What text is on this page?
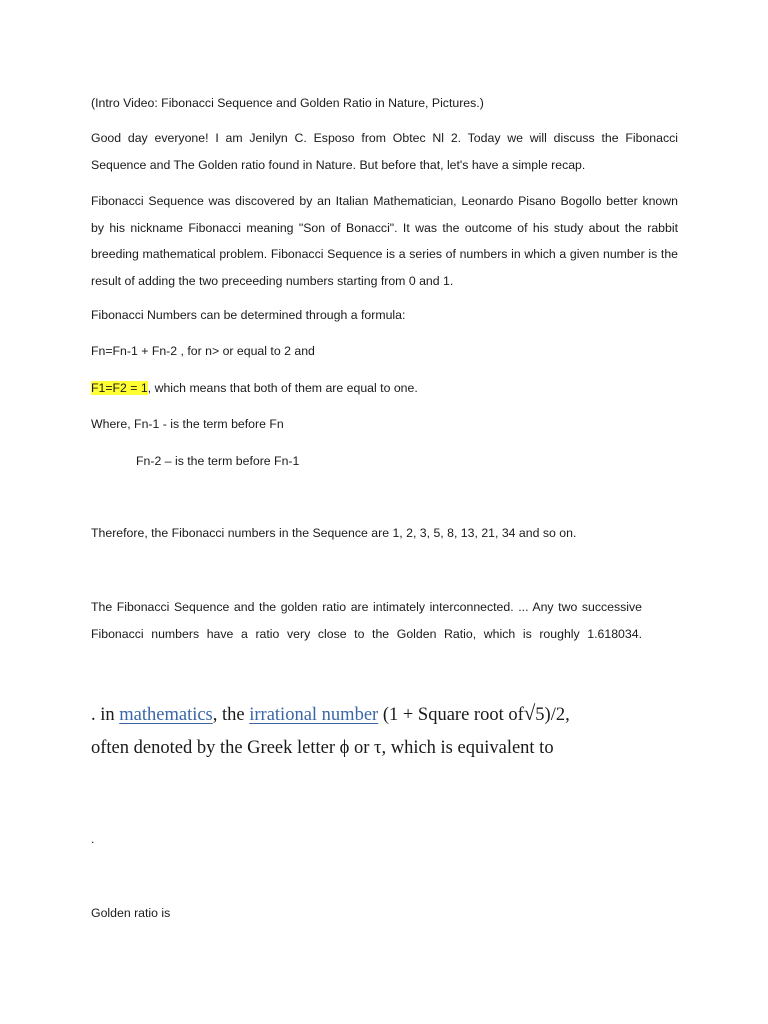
(Intro Video: Fibonacci Sequence and Golden Ratio in Nature, Pictures.)

Good day everyone! I am Jenilyn C. Esposo from Obtec Nl 2. Today we will discuss the Fibonacci Sequence and The Golden ratio found in Nature. But before that, let's have a simple recap.

Fibonacci Sequence was discovered by an Italian Mathematician, Leonardo Pisano Bogollo better known by his nickname Fibonacci meaning "Son of Bonacci". It was the outcome of his study about the rabbit breeding mathematical problem. Fibonacci Sequence is a series of numbers in which a given number is the result of adding the two preceeding numbers starting from 0 and 1.

Fibonacci Numbers can be determined through a formula:

Fn=Fn-1 + Fn-2 , for n> or equal to 2 and

F1=F2 = 1, which means that both of them are equal to one.

Where, Fn-1 - is the term before Fn

Fn-2 – is the term before Fn-1

Therefore, the Fibonacci numbers in the Sequence are 1, 2, 3, 5, 8, 13, 21, 34 and so on.

The Fibonacci Sequence and the golden ratio are intimately interconnected. ... Any two successive Fibonacci numbers have a ratio very close to the Golden Ratio, which is roughly 1.618034.

. in mathematics, the irrational number (1 + Square root of√5)/2,

often denoted by the Greek letter ϕ or τ, which is equivalent to

.

Golden ratio is
